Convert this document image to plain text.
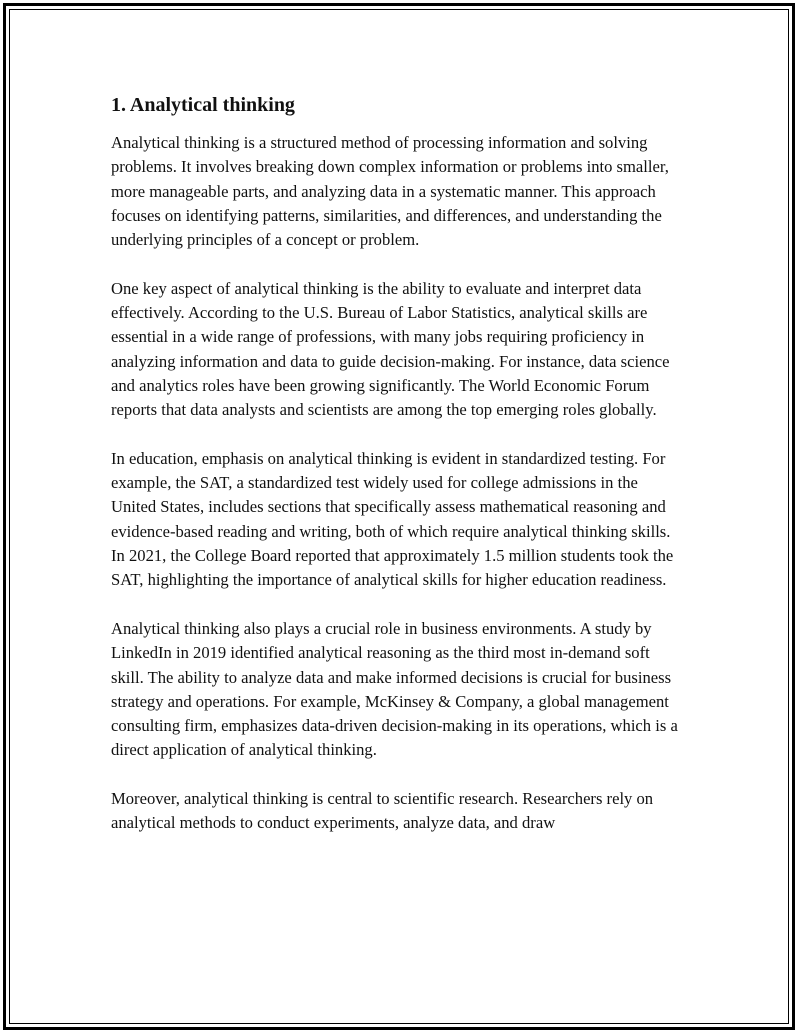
1. Analytical thinking

Analytical thinking is a structured method of processing information and solving problems. It involves breaking down complex information or problems into smaller, more manageable parts, and analyzing data in a systematic manner. This approach focuses on identifying patterns, similarities, and differences, and understanding the underlying principles of a concept or problem.

One key aspect of analytical thinking is the ability to evaluate and interpret data effectively. According to the U.S. Bureau of Labor Statistics, analytical skills are essential in a wide range of professions, with many jobs requiring proficiency in analyzing information and data to guide decision-making. For instance, data science and analytics roles have been growing significantly. The World Economic Forum reports that data analysts and scientists are among the top emerging roles globally.

In education, emphasis on analytical thinking is evident in standardized testing. For example, the SAT, a standardized test widely used for college admissions in the United States, includes sections that specifically assess mathematical reasoning and evidence-based reading and writing, both of which require analytical thinking skills. In 2021, the College Board reported that approximately 1.5 million students took the SAT, highlighting the importance of analytical skills for higher education readiness.

Analytical thinking also plays a crucial role in business environments. A study by LinkedIn in 2019 identified analytical reasoning as the third most in-demand soft skill. The ability to analyze data and make informed decisions is crucial for business strategy and operations. For example, McKinsey & Company, a global management consulting firm, emphasizes data-driven decision-making in its operations, which is a direct application of analytical thinking.

Moreover, analytical thinking is central to scientific research. Researchers rely on analytical methods to conduct experiments, analyze data, and draw
